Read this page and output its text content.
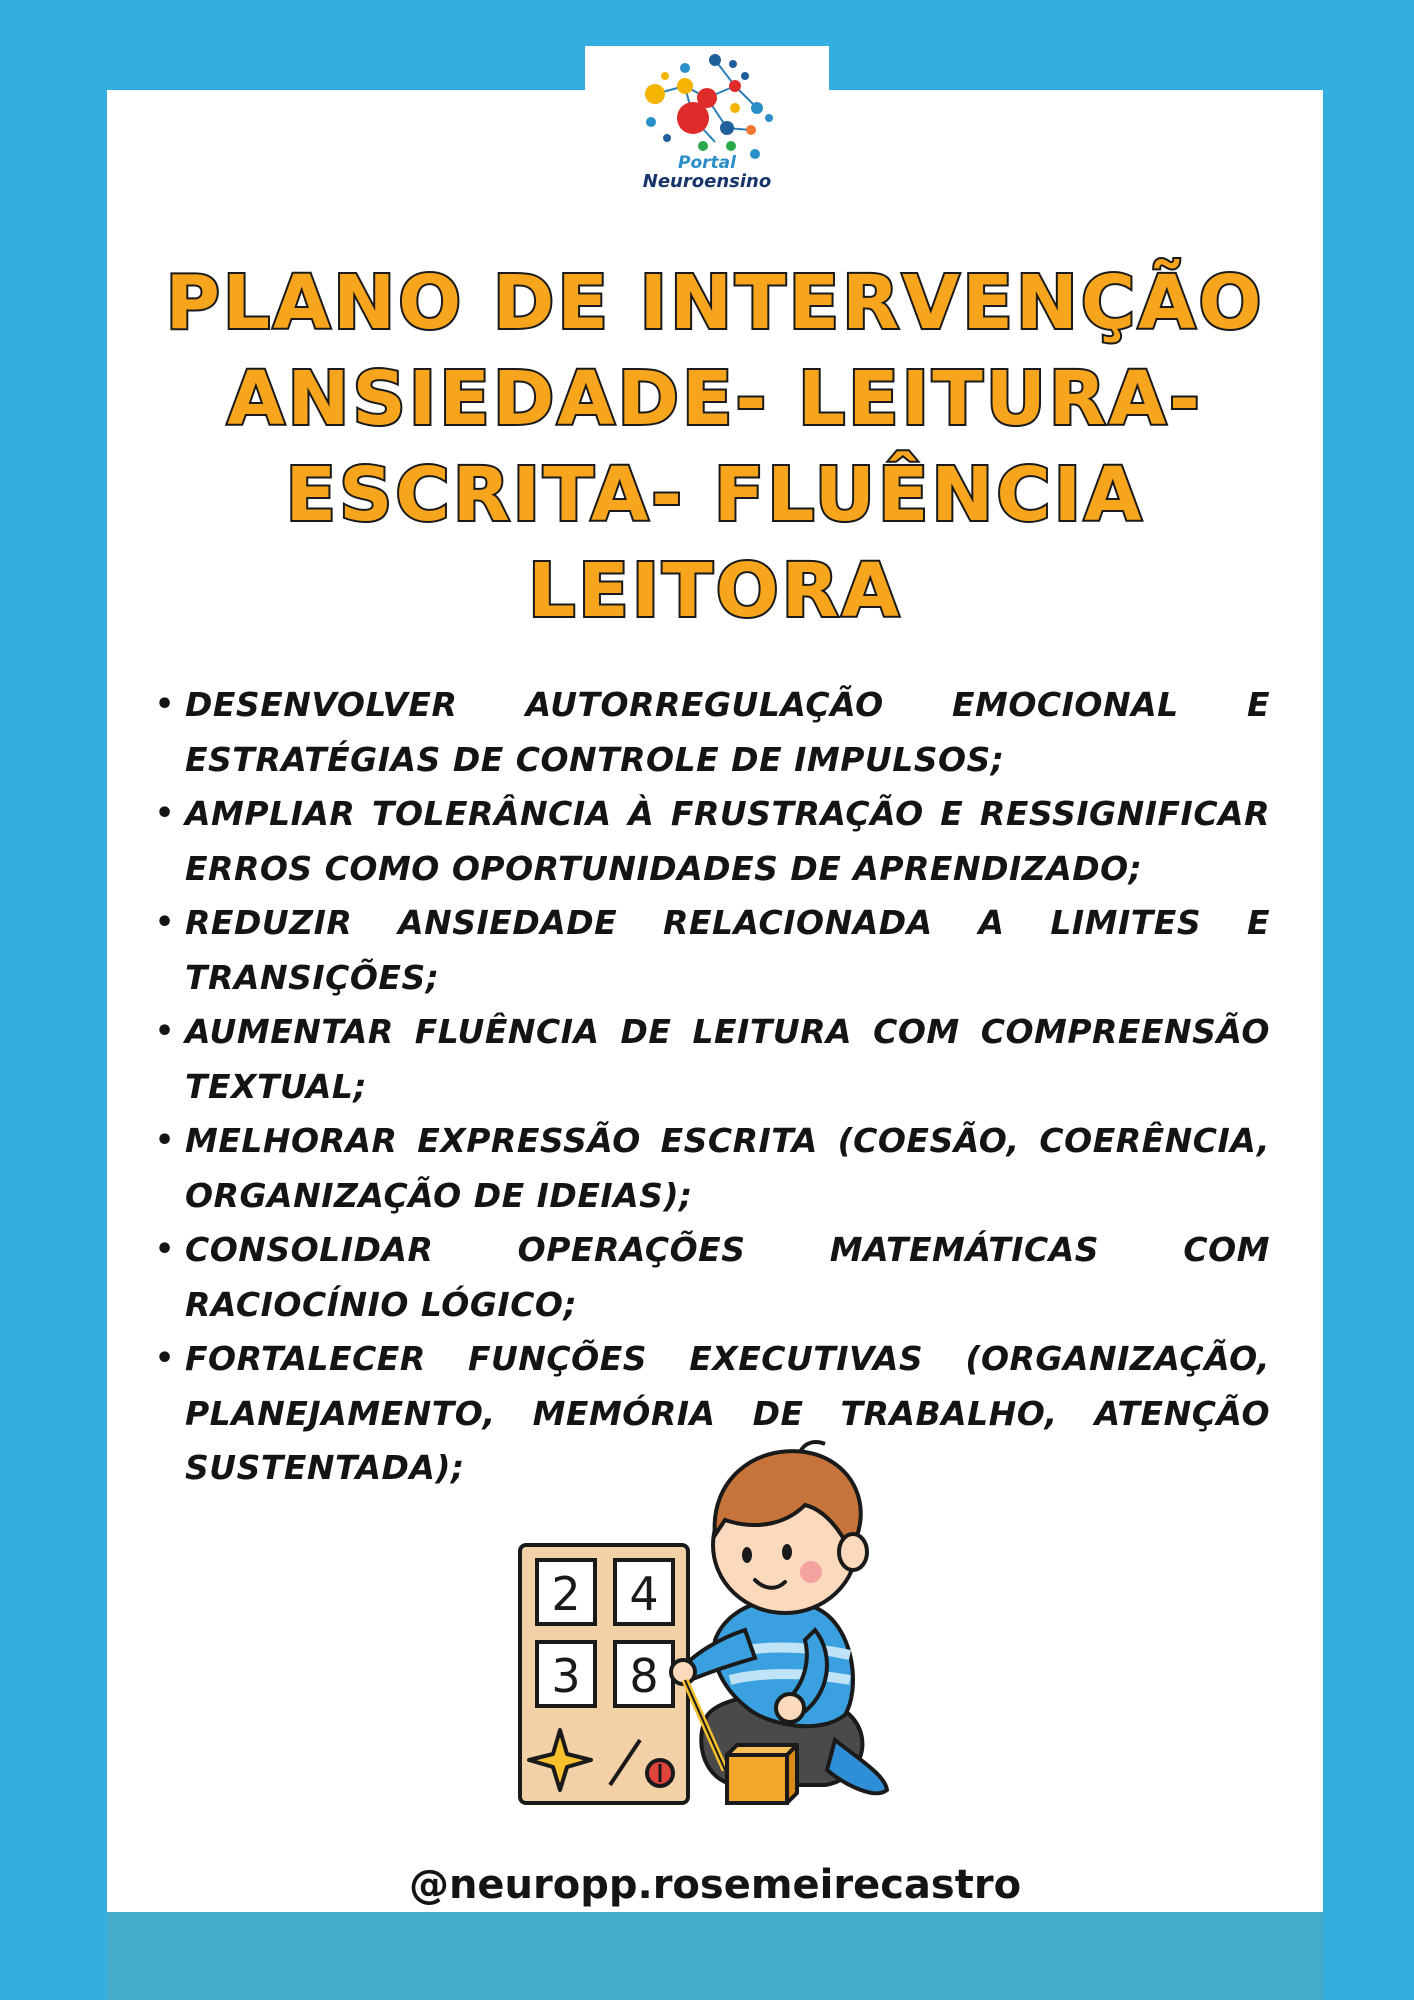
Portal
Neuroensino
PLANO DE INTERVENÇÃO
ANSIEDADE- LEITURA-
ESCRITA- FLUÊNCIA
LEITORA
• DESENVOLVER AUTORREGULAÇÃO EMOCIONAL E ESTRATÉGIAS DE CONTROLE DE IMPULSOS;
• AMPLIAR TOLERÂNCIA À FRUSTRAÇÃO E RESSIGNIFICAR ERROS COMO OPORTUNIDADES DE APRENDIZADO;
• REDUZIR ANSIEDADE RELACIONADA A LIMITES E TRANSIÇÕES;
• AUMENTAR FLUÊNCIA DE LEITURA COM COMPREENSÃO TEXTUAL;
• MELHORAR EXPRESSÃO ESCRITA (COESÃO, COERÊNCIA, ORGANIZAÇÃO DE IDEIAS);
• CONSOLIDAR OPERAÇÕES MATEMÁTICAS COM RACIOCÍNIO LÓGICO;
• FORTALECER FUNÇÕES EXECUTIVAS (ORGANIZAÇÃO, PLANEJAMENTO, MEMÓRIA DE TRABALHO, ATENÇÃO SUSTENTADA);
2 4
3 8

@neuropp.rosemeirecastro
